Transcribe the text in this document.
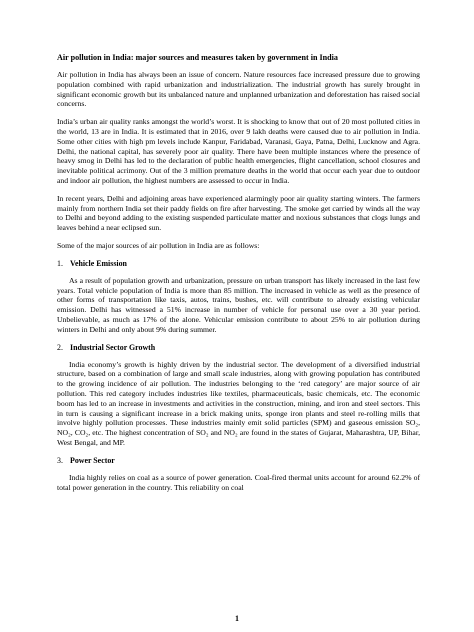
Air pollution in India: major sources and measures taken by government in India

Air pollution in India has always been an issue of concern. Nature resources face increased pressure due to growing population combined with rapid urbanization and industrialization. The industrial growth has surely brought in significant economic growth but its unbalanced nature and unplanned urbanization and deforestation has raised social concerns.

India’s urban air quality ranks amongst the world’s worst. It is shocking to know that out of 20 most polluted cities in the world, 13 are in India. It is estimated that in 2016, over 9 lakh deaths were caused due to air pollution in India. Some other cities with high pm levels include Kanpur, Faridabad, Varanasi, Gaya, Patna, Delhi, Lucknow and Agra. Delhi, the national capital, has severely poor air quality. There have been multiple instances where the presence of heavy smog in Delhi has led to the declaration of public health emergencies, flight cancellation, school closures and inevitable political acrimony. Out of the 3 million premature deaths in the world that occur each year due to outdoor and indoor air pollution, the highest numbers are assessed to occur in India.

In recent years, Delhi and adjoining areas have experienced alarmingly poor air quality starting winters. The farmers mainly from northern India set their paddy fields on fire after harvesting. The smoke get carried by winds all the way to Delhi and beyond adding to the existing suspended particulate matter and noxious substances that clogs lungs and leaves behind a near eclipsed sun.

Some of the major sources of air pollution in India are as follows:

1. Vehicle Emission

As a result of population growth and urbanization, pressure on urban transport has likely increased in the last few years. Total vehicle population of India is more than 85 million. The increased in vehicle as well as the presence of other forms of transportation like taxis, autos, trains, bushes, etc. will contribute to already existing vehicular emission. Delhi has witnessed a 51% increase in number of vehicle for personal use over a 30 year period. Unbelievable, as much as 17% of the alone. Vehicular emission contribute to about 25% to air pollution during winters in Delhi and only about 9% during summer.

2. Industrial Sector Growth

India economy’s growth is highly driven by the industrial sector. The development of a diversified industrial structure, based on a combination of large and small scale industries, along with growing population has contributed to the growing incidence of air pollution. The industries belonging to the ‘red category’ are major source of air pollution. This red category includes industries like textiles, pharmaceuticals, basic chemicals, etc. The economic boom has led to an increase in investments and activities in the construction, mining, and iron and steel sectors. This in turn is causing a significant increase in a brick making units, sponge iron plants and steel re-rolling mills that involve highly pollution processes. These industries mainly emit solid particles (SPM) and gaseous emission SO₂, NO₂, CO₂, etc. The highest concentration of SO₂ and NO₂ are found in the states of Gujarat, Maharashtra, UP, Bihar, West Bengal, and MP.

3. Power Sector

India highly relies on coal as a source of power generation. Coal-fired thermal units account for around 62.2% of total power generation in the country. This reliability on coal

1
